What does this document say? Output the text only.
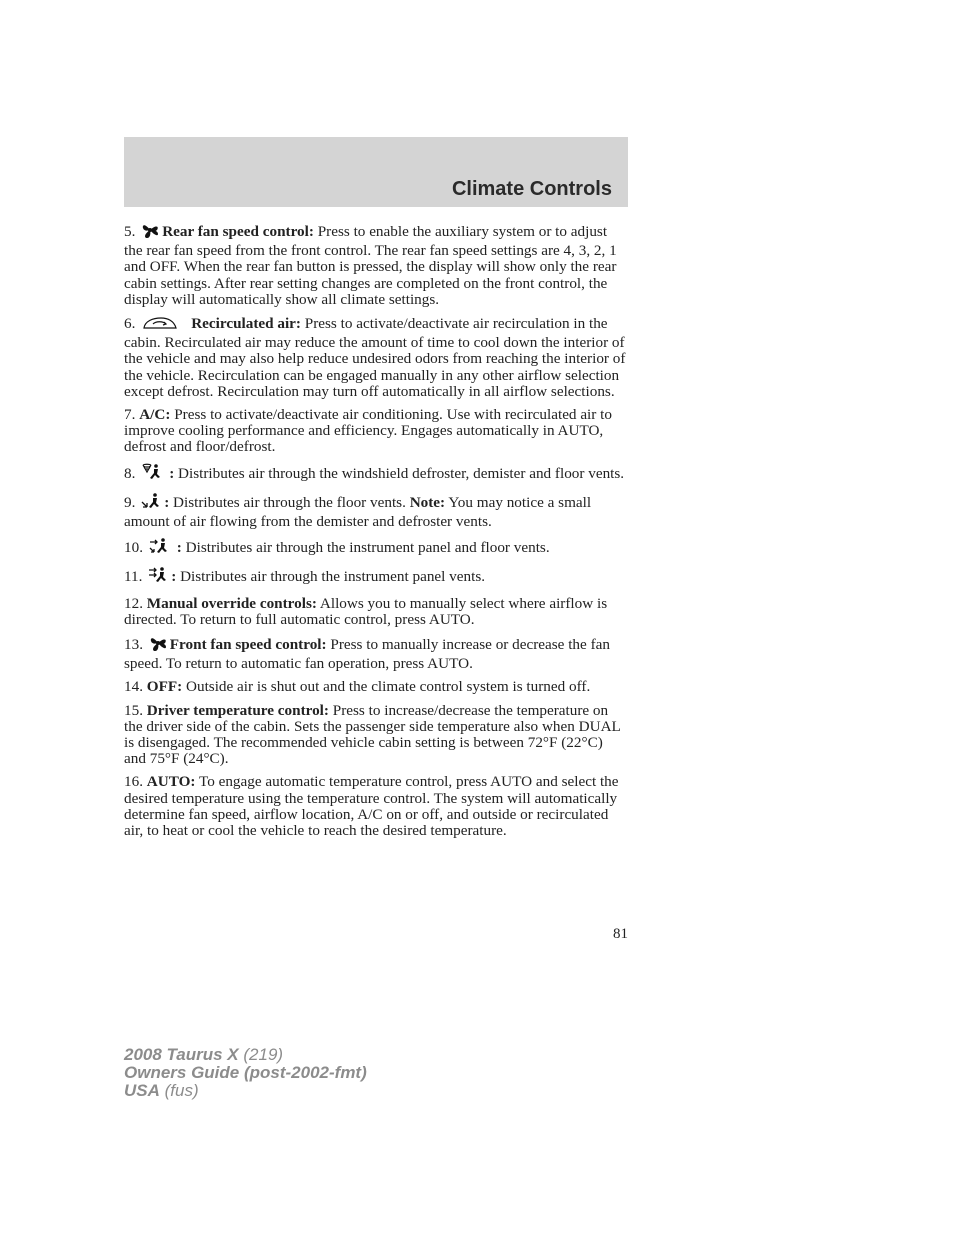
Climate Controls

5. Rear fan speed control: Press to enable the auxiliary system or to adjust the rear fan speed from the front control. The rear fan speed settings are 4, 3, 2, 1 and OFF. When the rear fan button is pressed, the display will show only the rear cabin settings. After rear setting changes are completed on the front control, the display will automatically show all climate settings.

6.	Recirculated air: Press to activate/deactivate air recirculation in the cabin. Recirculated air may reduce the amount of time to cool down the interior of the vehicle and may also help reduce undesired odors from reaching the interior of the vehicle. Recirculation can be engaged manually in any other airflow selection except defrost. Recirculation may turn off automatically in all airflow selections.

7. A/C: Press to activate/deactivate air conditioning. Use with recirculated air to improve cooling performance and efficiency. Engages automatically in AUTO, defrost and floor/defrost.

8. : Distributes air through the windshield defroster, demister and floor vents.

9. : Distributes air through the floor vents. Note: You may notice a small amount of air flowing from the demister and defroster vents.

10. : Distributes air through the instrument panel and floor vents.

11. : Distributes air through the instrument panel vents.

12. Manual override controls: Allows you to manually select where airflow is directed. To return to full automatic control, press AUTO.

13. Front fan speed control: Press to manually increase or decrease the fan speed. To return to automatic fan operation, press AUTO.

14. OFF: Outside air is shut out and the climate control system is turned off.

15. Driver temperature control: Press to increase/decrease the temperature on the driver side of the cabin. Sets the passenger side temperature also when DUAL is disengaged. The recommended vehicle cabin setting is between 72°F (22°C) and 75°F (24°C).

16. AUTO: To engage automatic temperature control, press AUTO and select the desired temperature using the temperature control. The system will automatically determine fan speed, airflow location, A/C on or off, and outside or recirculated air, to heat or cool the vehicle to reach the desired temperature.

81
2008 Taurus X (219)
Owners Guide (post-2002-fmt)
USA (fus)
